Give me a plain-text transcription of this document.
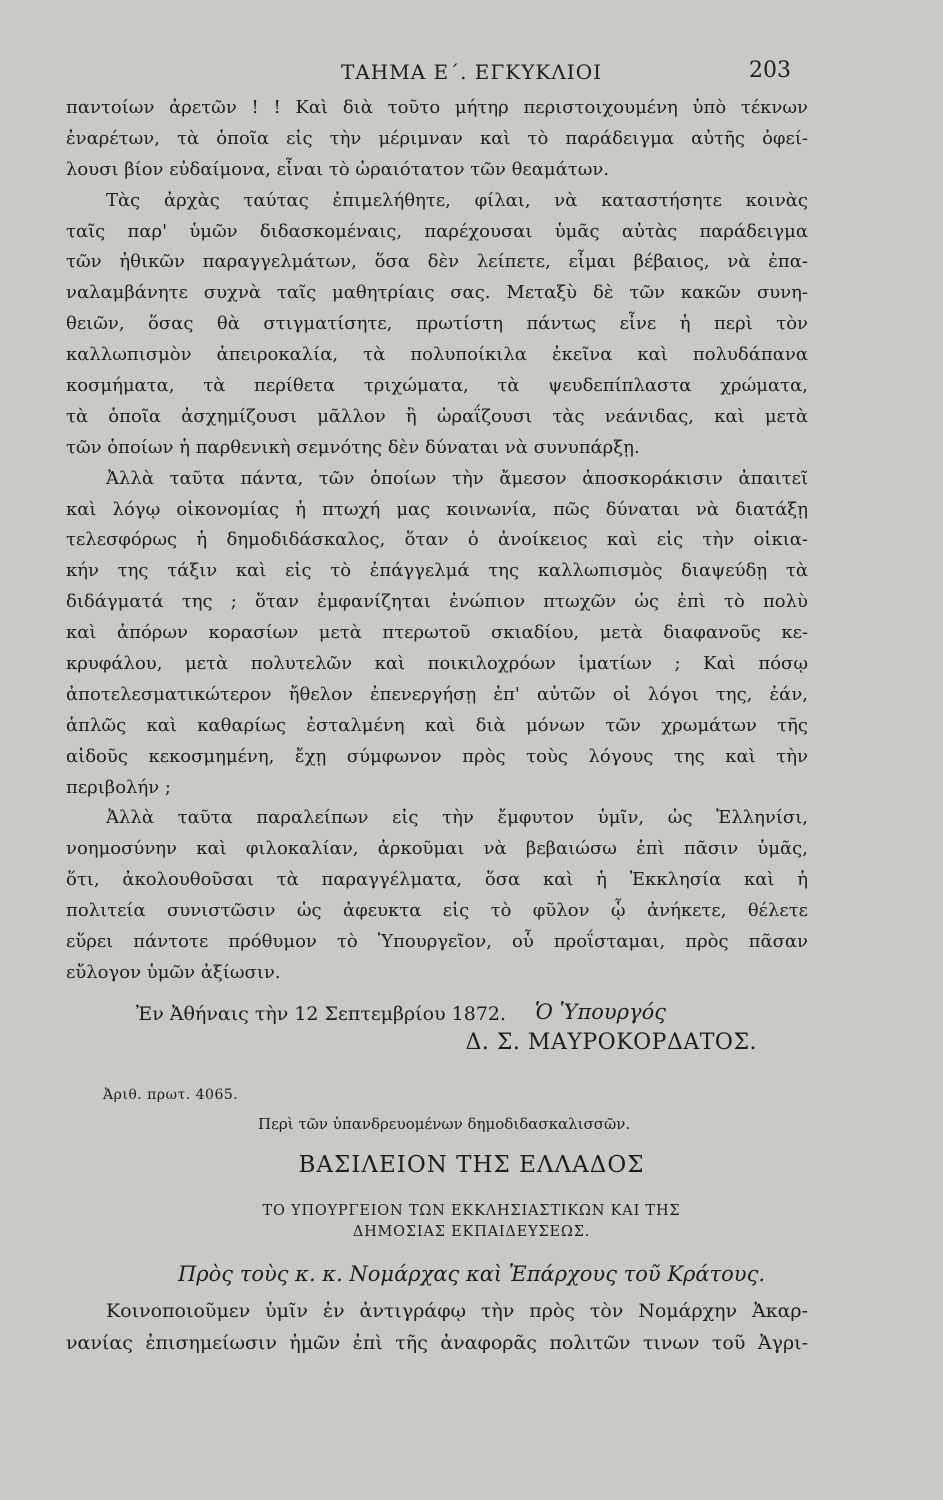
ΤΑΗΜΑ Ε΄. ΕΓΚΥΚΛΙΟΙ	203
παντοίων ἀρετῶν ! ! Καὶ διὰ τοῦτο μήτηρ περιστοιχουμένη ὑπὸ τέκνων
ἐναρέτων, τὰ ὁποῖα εἰς τὴν μέριμναν καὶ τὸ παράδειγμα αὐτῆς ὀφεί-
λουσι βίον εὐδαίμονα, εἶναι τὸ ὡραιότατον τῶν θεαμάτων.
Τὰς ἀρχὰς ταύτας ἐπιμελήθητε, φίλαι, νὰ καταστήσητε κοινὰς
ταῖς παρ' ὑμῶν διδασκομέναις, παρέχουσαι ὑμᾶς αὐτὰς παράδειγμα
τῶν ἠθικῶν παραγγελμάτων, ὅσα δὲν λείπετε, εἶμαι βέβαιος, νὰ ἐπα-
ναλαμβάνητε συχνὰ ταῖς μαθητρίαις σας. Μεταξὺ δὲ τῶν κακῶν συνη-
θειῶν, ὅσας θὰ στιγματίσητε, πρωτίστη πάντως εἶνε ἡ περὶ τὸν
καλλωπισμὸν ἀπειροκαλία, τὰ πολυποίκιλα ἐκεῖνα καὶ πολυδάπανα
κοσμήματα, τὰ περίθετα τριχώματα, τὰ ψευδεπίπλαστα χρώματα,
τὰ ὁποῖα ἀσχημίζουσι μᾶλλον ἢ ὡραΐζουσι τὰς νεάνιδας, καὶ μετὰ
τῶν ὁποίων ἡ παρθενικὴ σεμνότης δὲν δύναται νὰ συνυπάρξῃ.
Ἀλλὰ ταῦτα πάντα, τῶν ὁποίων τὴν ἄμεσον ἀποσκοράκισιν ἀπαιτεῖ
καὶ λόγῳ οἰκονομίας ἡ πτωχή μας κοινωνία, πῶς δύναται νὰ διατάξῃ
τελεσφόρως ἡ δημοδιδάσκαλος, ὅταν ὁ ἀνοίκειος καὶ εἰς τὴν οἰκια-
κήν της τάξιν καὶ εἰς τὸ ἐπάγγελμά της καλλωπισμὸς διαψεύδῃ τὰ
διδάγματά της ; ὅταν ἐμφανίζηται ἐνώπιον πτωχῶν ὡς ἐπὶ τὸ πολὺ
καὶ ἀπόρων κορασίων μετὰ πτερωτοῦ σκιαδίου, μετὰ διαφανοῦς κε-
κρυφάλου, μετὰ πολυτελῶν καὶ ποικιλοχρόων ἱματίων ; Καὶ πόσῳ
ἀποτελεσματικώτερον ἤθελον ἐπενεργήσῃ ἐπ' αὐτῶν οἱ λόγοι της, ἐάν,
ἁπλῶς καὶ καθαρίως ἐσταλμένη καὶ διὰ μόνων τῶν χρωμάτων τῆς
αἰδοῦς κεκοσμημένη, ἔχῃ σύμφωνον πρὸς τοὺς λόγους της καὶ τὴν
περιβολήν ;
Ἀλλὰ ταῦτα παραλείπων εἰς τὴν ἔμφυτον ὑμῖν, ὡς Ἑλληνίσι,
νοημοσύνην καὶ φιλοκαλίαν, ἀρκοῦμαι νὰ βεβαιώσω ἐπὶ πᾶσιν ὑμᾶς,
ὅτι, ἀκολουθοῦσαι τὰ παραγγέλματα, ὅσα καὶ ἡ Ἐκκλησία καὶ ἡ
πολιτεία συνιστῶσιν ὡς ἀφευκτα εἰς τὸ φῦλον ᾧ ἀνήκετε, θέλετε
εὕρει πάντοτε πρόθυμον τὸ Ὑπουργεῖον, οὗ προΐσταμαι, πρὸς πᾶσαν
εὔλογον ὑμῶν ἀξίωσιν.
Ἐν Ἀθήναις τὴν 12 Σεπτεμβρίου 1872.	Ὁ Ὑπουργός
Δ. Σ. ΜΑΥΡΟΚΟΡΔΑΤΟΣ.
Ἀριθ. πρωτ. 4065.
Περὶ τῶν ὑπανδρευομένων δημοδιδασκαλισσῶν.
ΒΑΣΙΛΕΙΟΝ ΤΗΣ ΕΛΛΑΔΟΣ
ΤΟ ΥΠΟΥΡΓΕΙΟΝ ΤΩΝ ΕΚΚΛΗΣΙΑΣΤΙΚΩΝ ΚΑΙ ΤΗΣ
ΔΗΜΟΣΙΑΣ ΕΚΠΑΙΔΕΥΣΕΩΣ.
Πρὸς τοὺς κ. κ. Νομάρχας καὶ Ἐπάρχους τοῦ Κράτους.
Κοινοποιοῦμεν ὑμῖν ἐν ἀντιγράφῳ τὴν πρὸς τὸν Νομάρχην Ἀκαρ-
νανίας ἐπισημείωσιν ἡμῶν ἐπὶ τῆς ἀναφορᾶς πολιτῶν τινων τοῦ Ἀγρι-
